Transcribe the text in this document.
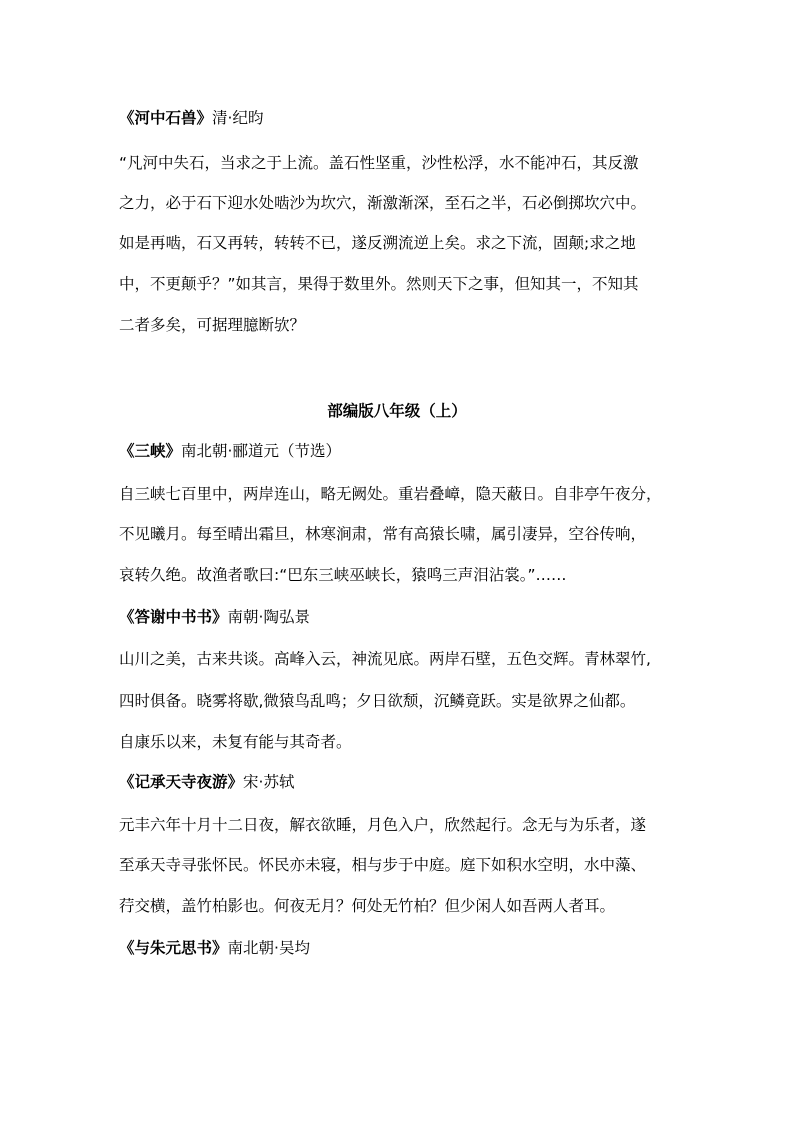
《河中石兽》清·纪昀
“凡河中失石，当求之于上流。盖石性坚重，沙性松浮，水不能冲石，其反激
之力，必于石下迎水处啮沙为坎穴，渐激渐深，至石之半，石必倒掷坎穴中。
如是再啮，石又再转，转转不已，遂反溯流逆上矣。求之下流，固颠;求之地
中，不更颠乎？”如其言，果得于数里外。然则天下之事，但知其一，不知其
二者多矣，可据理臆断欤？
部编版八年级（上）
《三峡》南北朝·郦道元（节选）
自三峡七百里中，两岸连山，略无阙处。重岩叠嶂，隐天蔽日。自非亭午夜分，
不见曦月。每至晴出霜旦，林寒涧肃，常有高猿长啸，属引凄异，空谷传响，
哀转久绝。故渔者歌曰:“巴东三峡巫峡长，猿鸣三声泪沾裳。”……
《答谢中书书》南朝·陶弘景
山川之美，古来共谈。高峰入云，神流见底。两岸石壁，五色交辉。青林翠竹,
四时俱备。晓雾将歇,微猿鸟乱鸣；夕日欲颓，沉鳞竟跃。实是欲界之仙都。
自康乐以来，未复有能与其奇者。
《记承天寺夜游》宋·苏轼
元丰六年十月十二日夜，解衣欲睡，月色入户，欣然起行。念无与为乐者，遂
至承天寺寻张怀民。怀民亦未寝，相与步于中庭。庭下如积水空明，水中藻、
荇交横，盖竹柏影也。何夜无月？何处无竹柏？但少闲人如吾两人者耳。
《与朱元思书》南北朝·吴均
